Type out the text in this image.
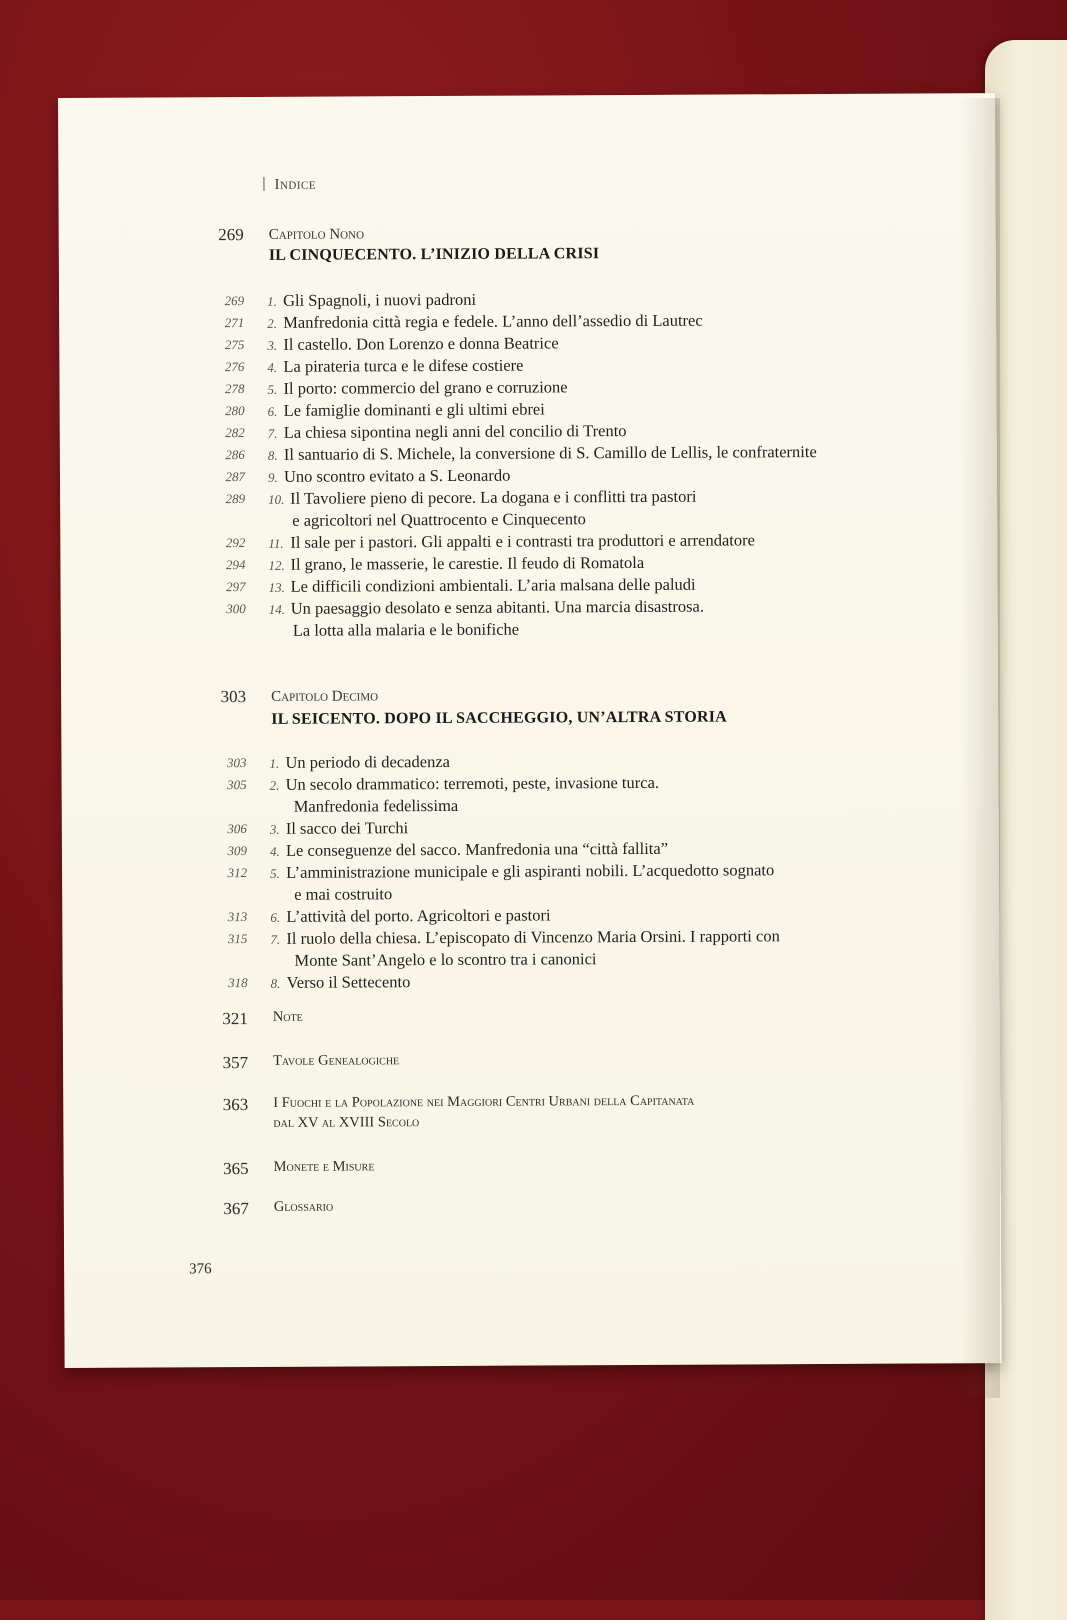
Indice
269 Capitolo Nono
IL CINQUECENTO. L’INIZIO DELLA CRISI
269 1. Gli Spagnoli, i nuovi padroni
271 2. Manfredonia città regia e fedele. L’anno dell’assedio di Lautrec
275 3. Il castello. Don Lorenzo e donna Beatrice
276 4. La pirateria turca e le difese costiere
278 5. Il porto: commercio del grano e corruzione
280 6. Le famiglie dominanti e gli ultimi ebrei
282 7. La chiesa sipontina negli anni del concilio di Trento
286 8. Il santuario di S. Michele, la conversione di S. Camillo de Lellis, le confraternite
287 9. Uno scontro evitato a S. Leonardo
289 10. Il Tavoliere pieno di pecore. La dogana e i conflitti tra pastori
e agricoltori nel Quattrocento e Cinquecento
292 11. Il sale per i pastori. Gli appalti e i contrasti tra produttori e arrendatore
294 12. Il grano, le masserie, le carestie. Il feudo di Romatola
297 13. Le difficili condizioni ambientali. L’aria malsana delle paludi
300 14. Un paesaggio desolato e senza abitanti. Una marcia disastrosa.
La lotta alla malaria e le bonifiche
303 Capitolo Decimo
IL SEICENTO. DOPO IL SACCHEGGIO, UN’ALTRA STORIA
303 1. Un periodo di decadenza
305 2. Un secolo drammatico: terremoti, peste, invasione turca.
Manfredonia fedelissima
306 3. Il sacco dei Turchi
309 4. Le conseguenze del sacco. Manfredonia una “città fallita”
312 5. L’amministrazione municipale e gli aspiranti nobili. L’acquedotto sognato
e mai costruito
313 6. L’attività del porto. Agricoltori e pastori
315 7. Il ruolo della chiesa. L’episcopato di Vincenzo Maria Orsini. I rapporti con
Monte Sant’Angelo e lo scontro tra i canonici
318 8. Verso il Settecento
321 Note
357 Tavole Genealogiche
363 I Fuochi e la Popolazione nei Maggiori Centri Urbani della Capitanata
dal XV al XVIII Secolo
365 Monete e Misure
367 Glossario
376
